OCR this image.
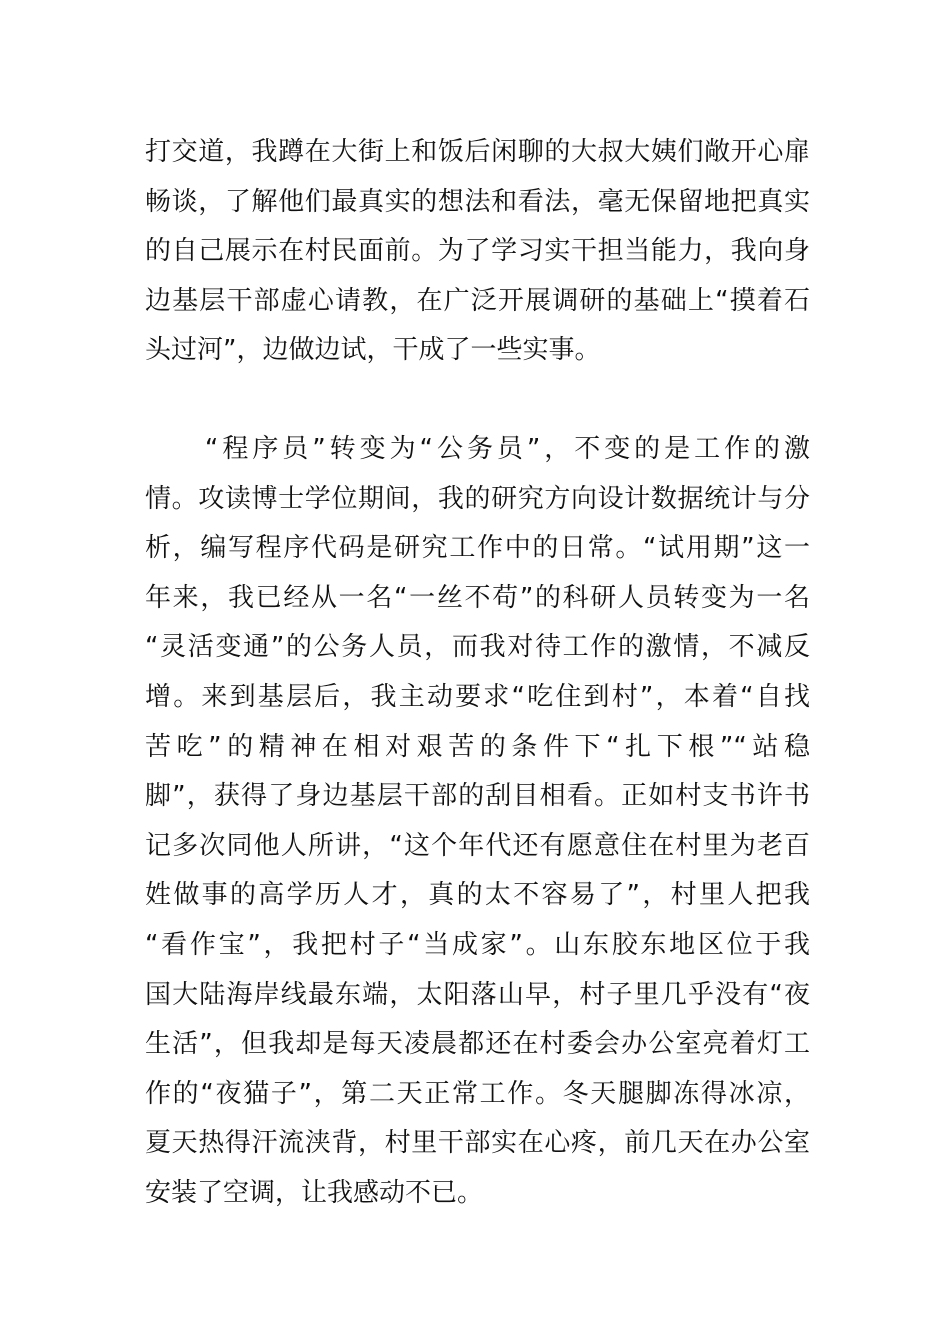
打交道，我蹲在大街上和饭后闲聊的大叔大姨们敞开心扉
畅谈，了解他们最真实的想法和看法，毫无保留地把真实
的自己展示在村民面前。为了学习实干担当能力，我向身
边基层干部虚心请教，在广泛开展调研的基础上“摸着石
头过河”，边做边试，干成了一些实事。
　　“程序员”转变为“公务员”，不变的是工作的激
情。攻读博士学位期间，我的研究方向设计数据统计与分
析，编写程序代码是研究工作中的日常。“试用期”这一
年来，我已经从一名“一丝不苟”的科研人员转变为一名
“灵活变通”的公务人员，而我对待工作的激情，不减反
增。来到基层后，我主动要求“吃住到村”，本着“自找
苦吃”的精神在相对艰苦的条件下“扎下根”“站稳
脚”，获得了身边基层干部的刮目相看。正如村支书许书
记多次同他人所讲，“这个年代还有愿意住在村里为老百
姓做事的高学历人才，真的太不容易了”，村里人把我
“看作宝”，我把村子“当成家”。山东胶东地区位于我
国大陆海岸线最东端，太阳落山早，村子里几乎没有“夜
生活”，但我却是每天凌晨都还在村委会办公室亮着灯工
作的“夜猫子”，第二天正常工作。冬天腿脚冻得冰凉，
夏天热得汗流浃背，村里干部实在心疼，前几天在办公室
安装了空调，让我感动不已。
